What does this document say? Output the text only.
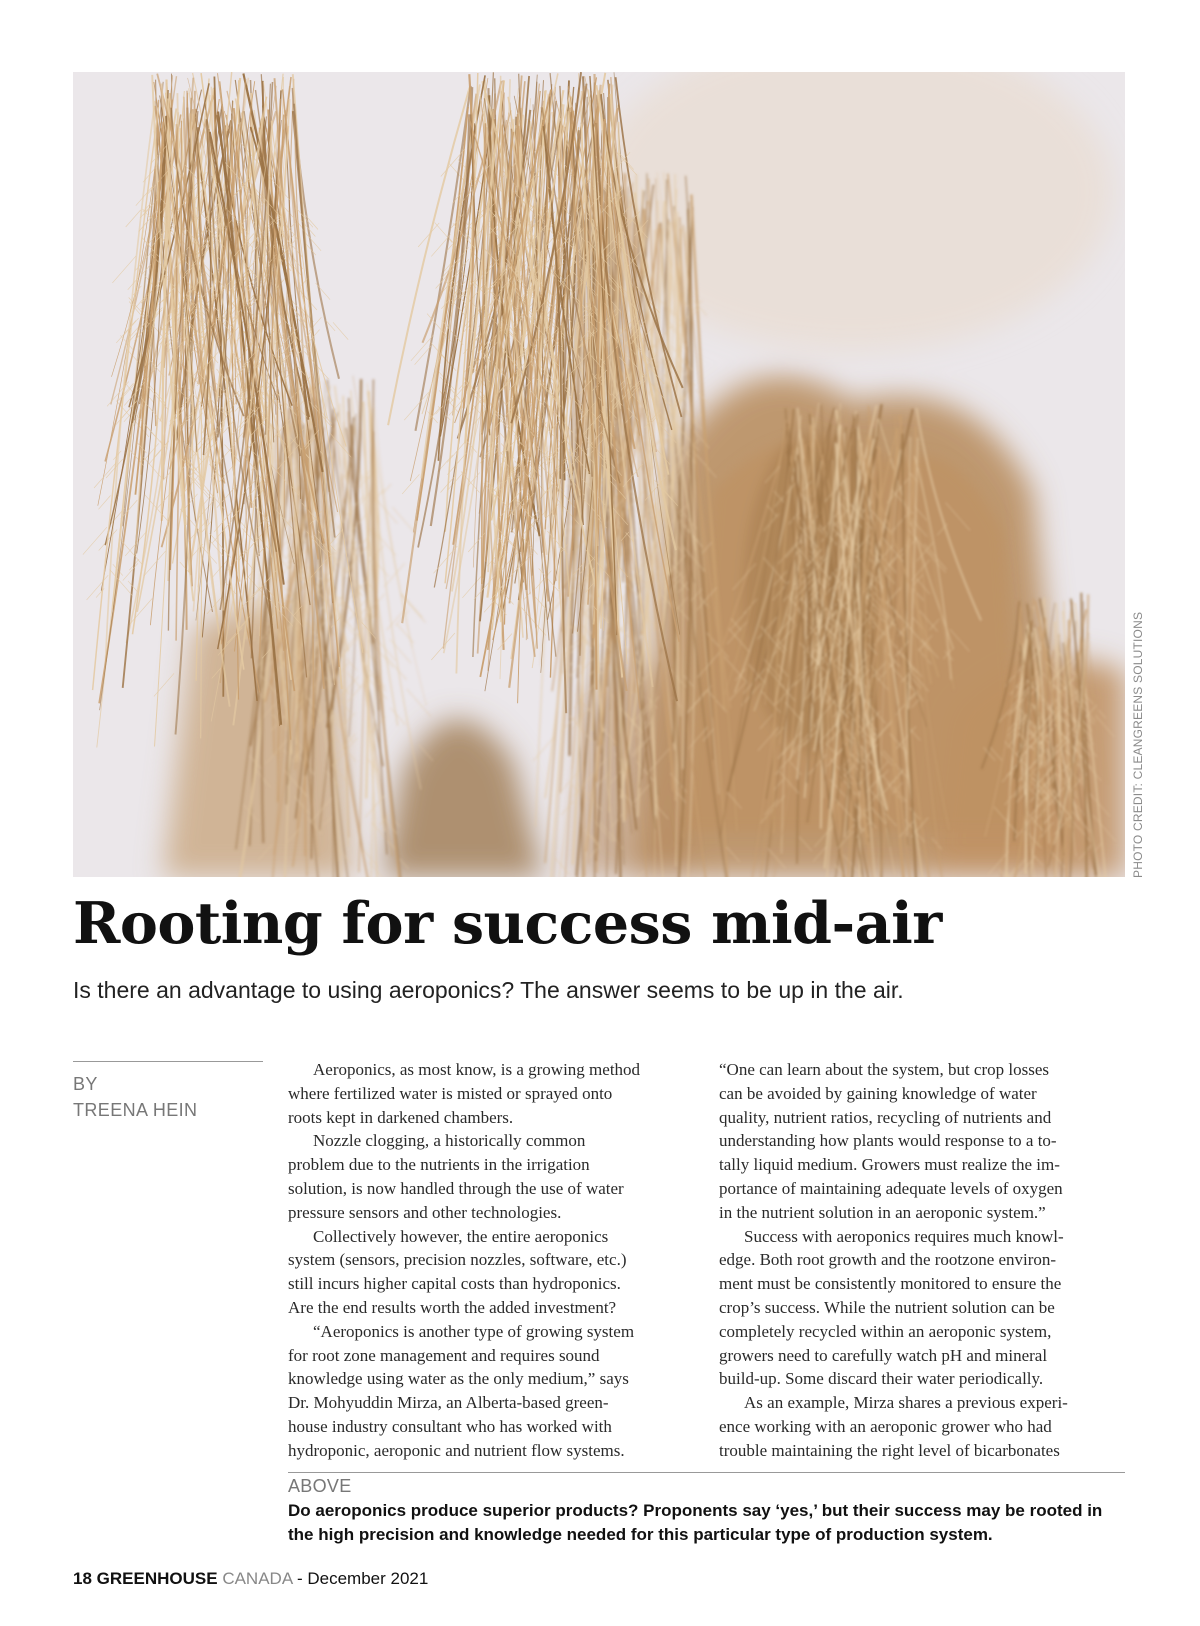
PHOTO CREDIT: CLEANGREENS SOLUTIONS
Rooting for success mid-air
Is there an advantage to using aeroponics? The answer seems to be up in the air.
BY
TREENA HEIN
Aeroponics, as most know, is a growing method
where fertilized water is misted or sprayed onto
roots kept in darkened chambers.
Nozzle clogging, a historically common
problem due to the nutrients in the irrigation
solution, is now handled through the use of water
pressure sensors and other technologies.
Collectively however, the entire aeroponics
system (sensors, precision nozzles, software, etc.)
still incurs higher capital costs than hydroponics.
Are the end results worth the added investment?
“Aeroponics is another type of growing system
for root zone management and requires sound
knowledge using water as the only medium,” says
Dr. Mohyuddin Mirza, an Alberta-based green-
house industry consultant who has worked with
hydroponic, aeroponic and nutrient flow systems.
“One can learn about the system, but crop losses
can be avoided by gaining knowledge of water
quality, nutrient ratios, recycling of nutrients and
understanding how plants would response to a to-
tally liquid medium. Growers must realize the im-
portance of maintaining adequate levels of oxygen
in the nutrient solution in an aeroponic system.”
Success with aeroponics requires much knowl-
edge. Both root growth and the rootzone environ-
ment must be consistently monitored to ensure the
crop’s success. While the nutrient solution can be
completely recycled within an aeroponic system,
growers need to carefully watch pH and mineral
build-up. Some discard their water periodically.
As an example, Mirza shares a previous experi-
ence working with an aeroponic grower who had
trouble maintaining the right level of bicarbonates
ABOVE
Do aeroponics produce superior products? Proponents say ‘yes,’ but their success may be rooted in the high precision and knowledge needed for this particular type of production system.
18 GREENHOUSE CANADA - December 2021
